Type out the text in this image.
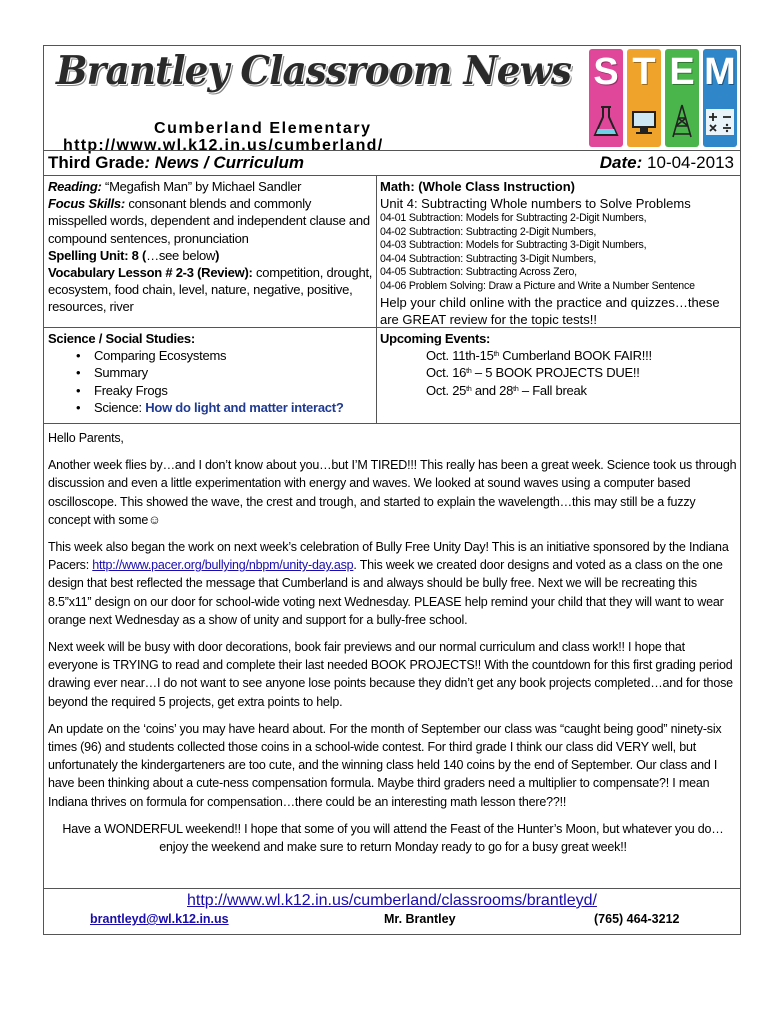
Brantley Classroom News
Cumberland Elementary
http://www.wl.k12.in.us/cumberland/
S T E M
Third Grade: News / Curriculum	Date: 10-04-2013
Reading: “Megafish Man” by Michael Sandler
Focus Skills: consonant blends and commonly misspelled words, dependent and independent clause and compound sentences, pronunciation
Spelling Unit: 8 (…see below)
Vocabulary Lesson # 2-3 (Review): competition, drought, ecosystem, food chain, level, nature, negative, positive, resources, river
Math: (Whole Class Instruction)
Unit 4: Subtracting Whole numbers to Solve Problems
04-01 Subtraction: Models for Subtracting 2-Digit Numbers,
04-02 Subtraction: Subtracting 2-Digit Numbers,
04-03 Subtraction: Models for Subtracting 3-Digit Numbers,
04-04 Subtraction: Subtracting 3-Digit Numbers,
04-05 Subtraction: Subtracting Across Zero,
04-06 Problem Solving: Draw a Picture and Write a Number Sentence
Help your child online with the practice and quizzes…these are GREAT review for the topic tests!!
Science / Social Studies:
• Comparing Ecosystems
• Summary
• Freaky Frogs
• Science: How do light and matter interact?
Upcoming Events:
Oct. 11th-15th Cumberland BOOK FAIR!!!
Oct. 16th – 5 BOOK PROJECTS DUE!!
Oct. 25th and 28th – Fall break

Hello Parents,

Another week flies by…and I don’t know about you…but I’M TIRED!!! This really has been a great week. Science took us through discussion and even a little experimentation with energy and waves. We looked at sound waves using a computer based oscilloscope. This showed the wave, the crest and trough, and started to explain the wavelength…this may still be a fuzzy concept with some☺

This week also began the work on next week’s celebration of Bully Free Unity Day! This is an initiative sponsored by the Indiana Pacers: http://www.pacer.org/bullying/nbpm/unity-day.asp. This week we created door designs and voted as a class on the one design that best reflected the message that Cumberland is and always should be bully free. Next we will be recreating this 8.5”x11” design on our door for school-wide voting next Wednesday. PLEASE help remind your child that they will want to wear orange next Wednesday as a show of unity and support for a bully-free school.

Next week will be busy with door decorations, book fair previews and our normal curriculum and class work!! I hope that everyone is TRYING to read and complete their last needed BOOK PROJECTS!! With the countdown for this first grading period drawing ever near…I do not want to see anyone lose points because they didn’t get any book projects completed…and for those beyond the required 5 projects, get extra points to help.

An update on the ‘coins’ you may have heard about. For the month of September our class was “caught being good” ninety-six times (96) and students collected those coins in a school-wide contest. For third grade I think our class did VERY well, but unfortunately the kindergarteners are too cute, and the winning class held 140 coins by the end of September. Our class and I have been thinking about a cute-ness compensation formula. Maybe third graders need a multiplier to compensate?! I mean Indiana thrives on formula for compensation…there could be an interesting math lesson there??!!

Have a WONDERFUL weekend!! I hope that some of you will attend the Feast of the Hunter’s Moon, but whatever you do…enjoy the weekend and make sure to return Monday ready to go for a busy great week!!

http://www.wl.k12.in.us/cumberland/classrooms/brantleyd/
brantleyd@wl.k12.in.us	Mr. Brantley	(765) 464-3212
